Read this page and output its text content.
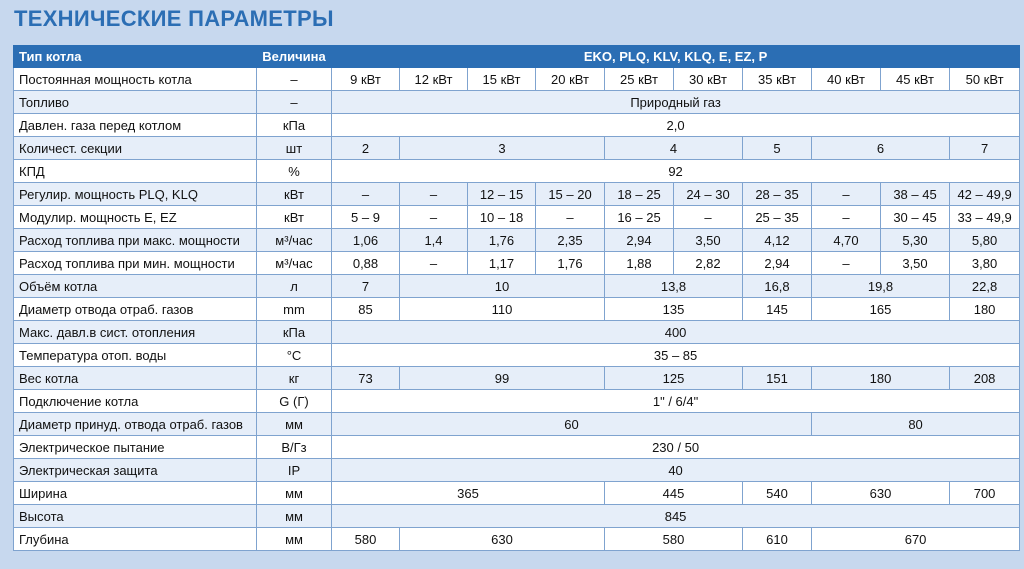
ТЕХНИЧЕСКИЕ ПАРАМЕТРЫ
Тип котла	Величина	EKO, PLQ, KLV, KLQ, E, EZ, P									
Постоянная мощность котла	–	9 кВт	12 кВт	15 кВт	20 кВт	25 кВт	30 кВт	35 кВт	40 кВт	45 кВт	50 кВт
Топливо	–	Природный газ									
Давлен. газа перед котлом	кПа	2,0									
Количест. секции	шт	2	3			4		5	6		7
КПД	%	92									
Регулир. мощность PLQ, KLQ	кВт	–	–	12 – 15	15 – 20	18 – 25	24 – 30	28 – 35	–	38 – 45	42 – 49,9
Модулир. мощность E, EZ	кВт	5 – 9	–	10 – 18	–	16 – 25	–	25 – 35	–	30 – 45	33 – 49,9
Расход топлива при макс. мощности	м³/час	1,06	1,4	1,76	2,35	2,94	3,50	4,12	4,70	5,30	5,80
Расход топлива при мин. мощности	м³/час	0,88	–	1,17	1,76	1,88	2,82	2,94	–	3,50	3,80
Объём котла	л	7	10			13,8		16,8	19,8		22,8
Диаметр отвода отраб. газов	mm	85	110			135		145	165		180
Макс. давл.в сист. отопления	кПа	400									
Температура отоп. воды	°C	35 – 85									
Вес котла	кг	73	99			125		151	180		208
Подключение котла	G (Г)	1" / 6/4"									
Диаметр принуд. отвода отраб. газов	мм	60							80		
Электрическое пытание	В/Гз	230 / 50									
Электрическая защита	IP	40									
Ширина	мм	365				445		540	630		700
Высота	мм	845									
Глубина	мм	580	630			580		610	670		
